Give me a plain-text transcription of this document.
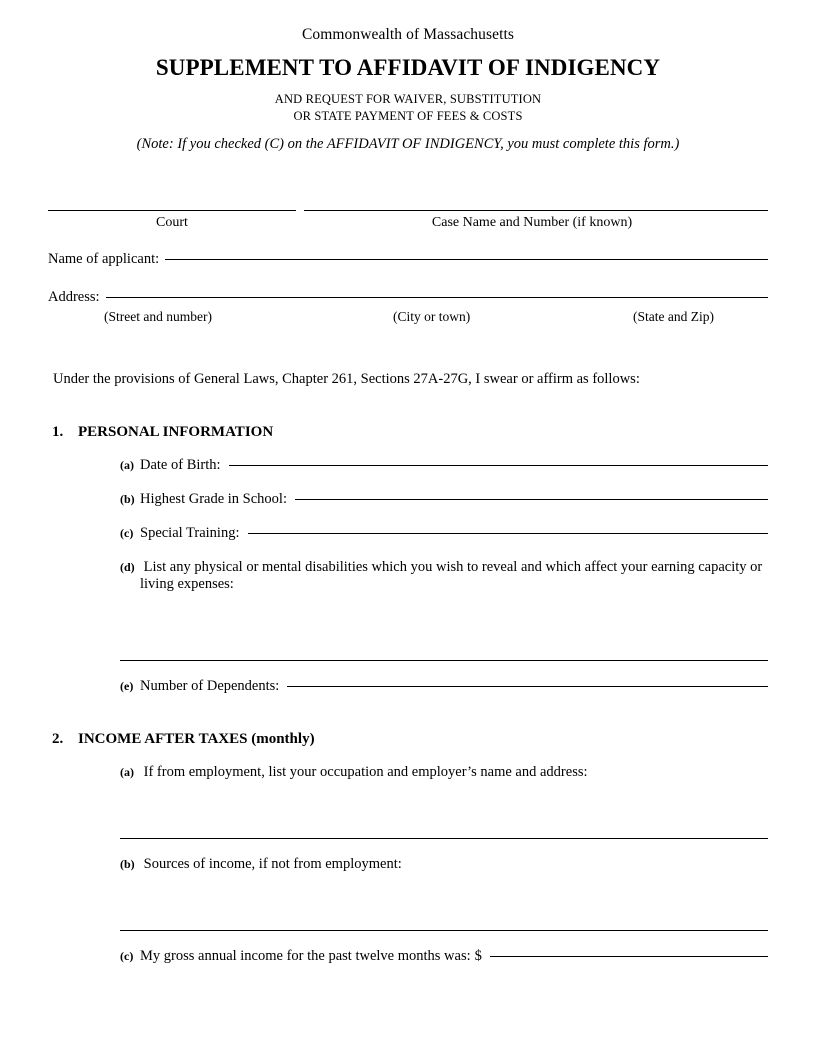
Commonwealth of Massachusetts
SUPPLEMENT TO AFFIDAVIT OF INDIGENCY
AND REQUEST FOR WAIVER, SUBSTITUTION
OR STATE PAYMENT OF FEES & COSTS
(Note: If you checked (C) on the AFFIDAVIT OF INDIGENCY, you must complete this form.)
Court	Case Name and Number (if known)
Name of applicant:
Address:
(Street and number)	(City or town)	(State and Zip)
Under the provisions of General Laws, Chapter 261, Sections 27A-27G, I swear or affirm as follows:
1. PERSONAL INFORMATION
(a) Date of Birth:
(b) Highest Grade in School:
(c) Special Training:
(d) List any physical or mental disabilities which you wish to reveal and which affect your earning capacity or
living expenses:
(e) Number of Dependents:
2. INCOME AFTER TAXES (monthly)
(a) If from employment, list your occupation and employer’s name and address:
(b) Sources of income, if not from employment:
(c) My gross annual income for the past twelve months was: $
